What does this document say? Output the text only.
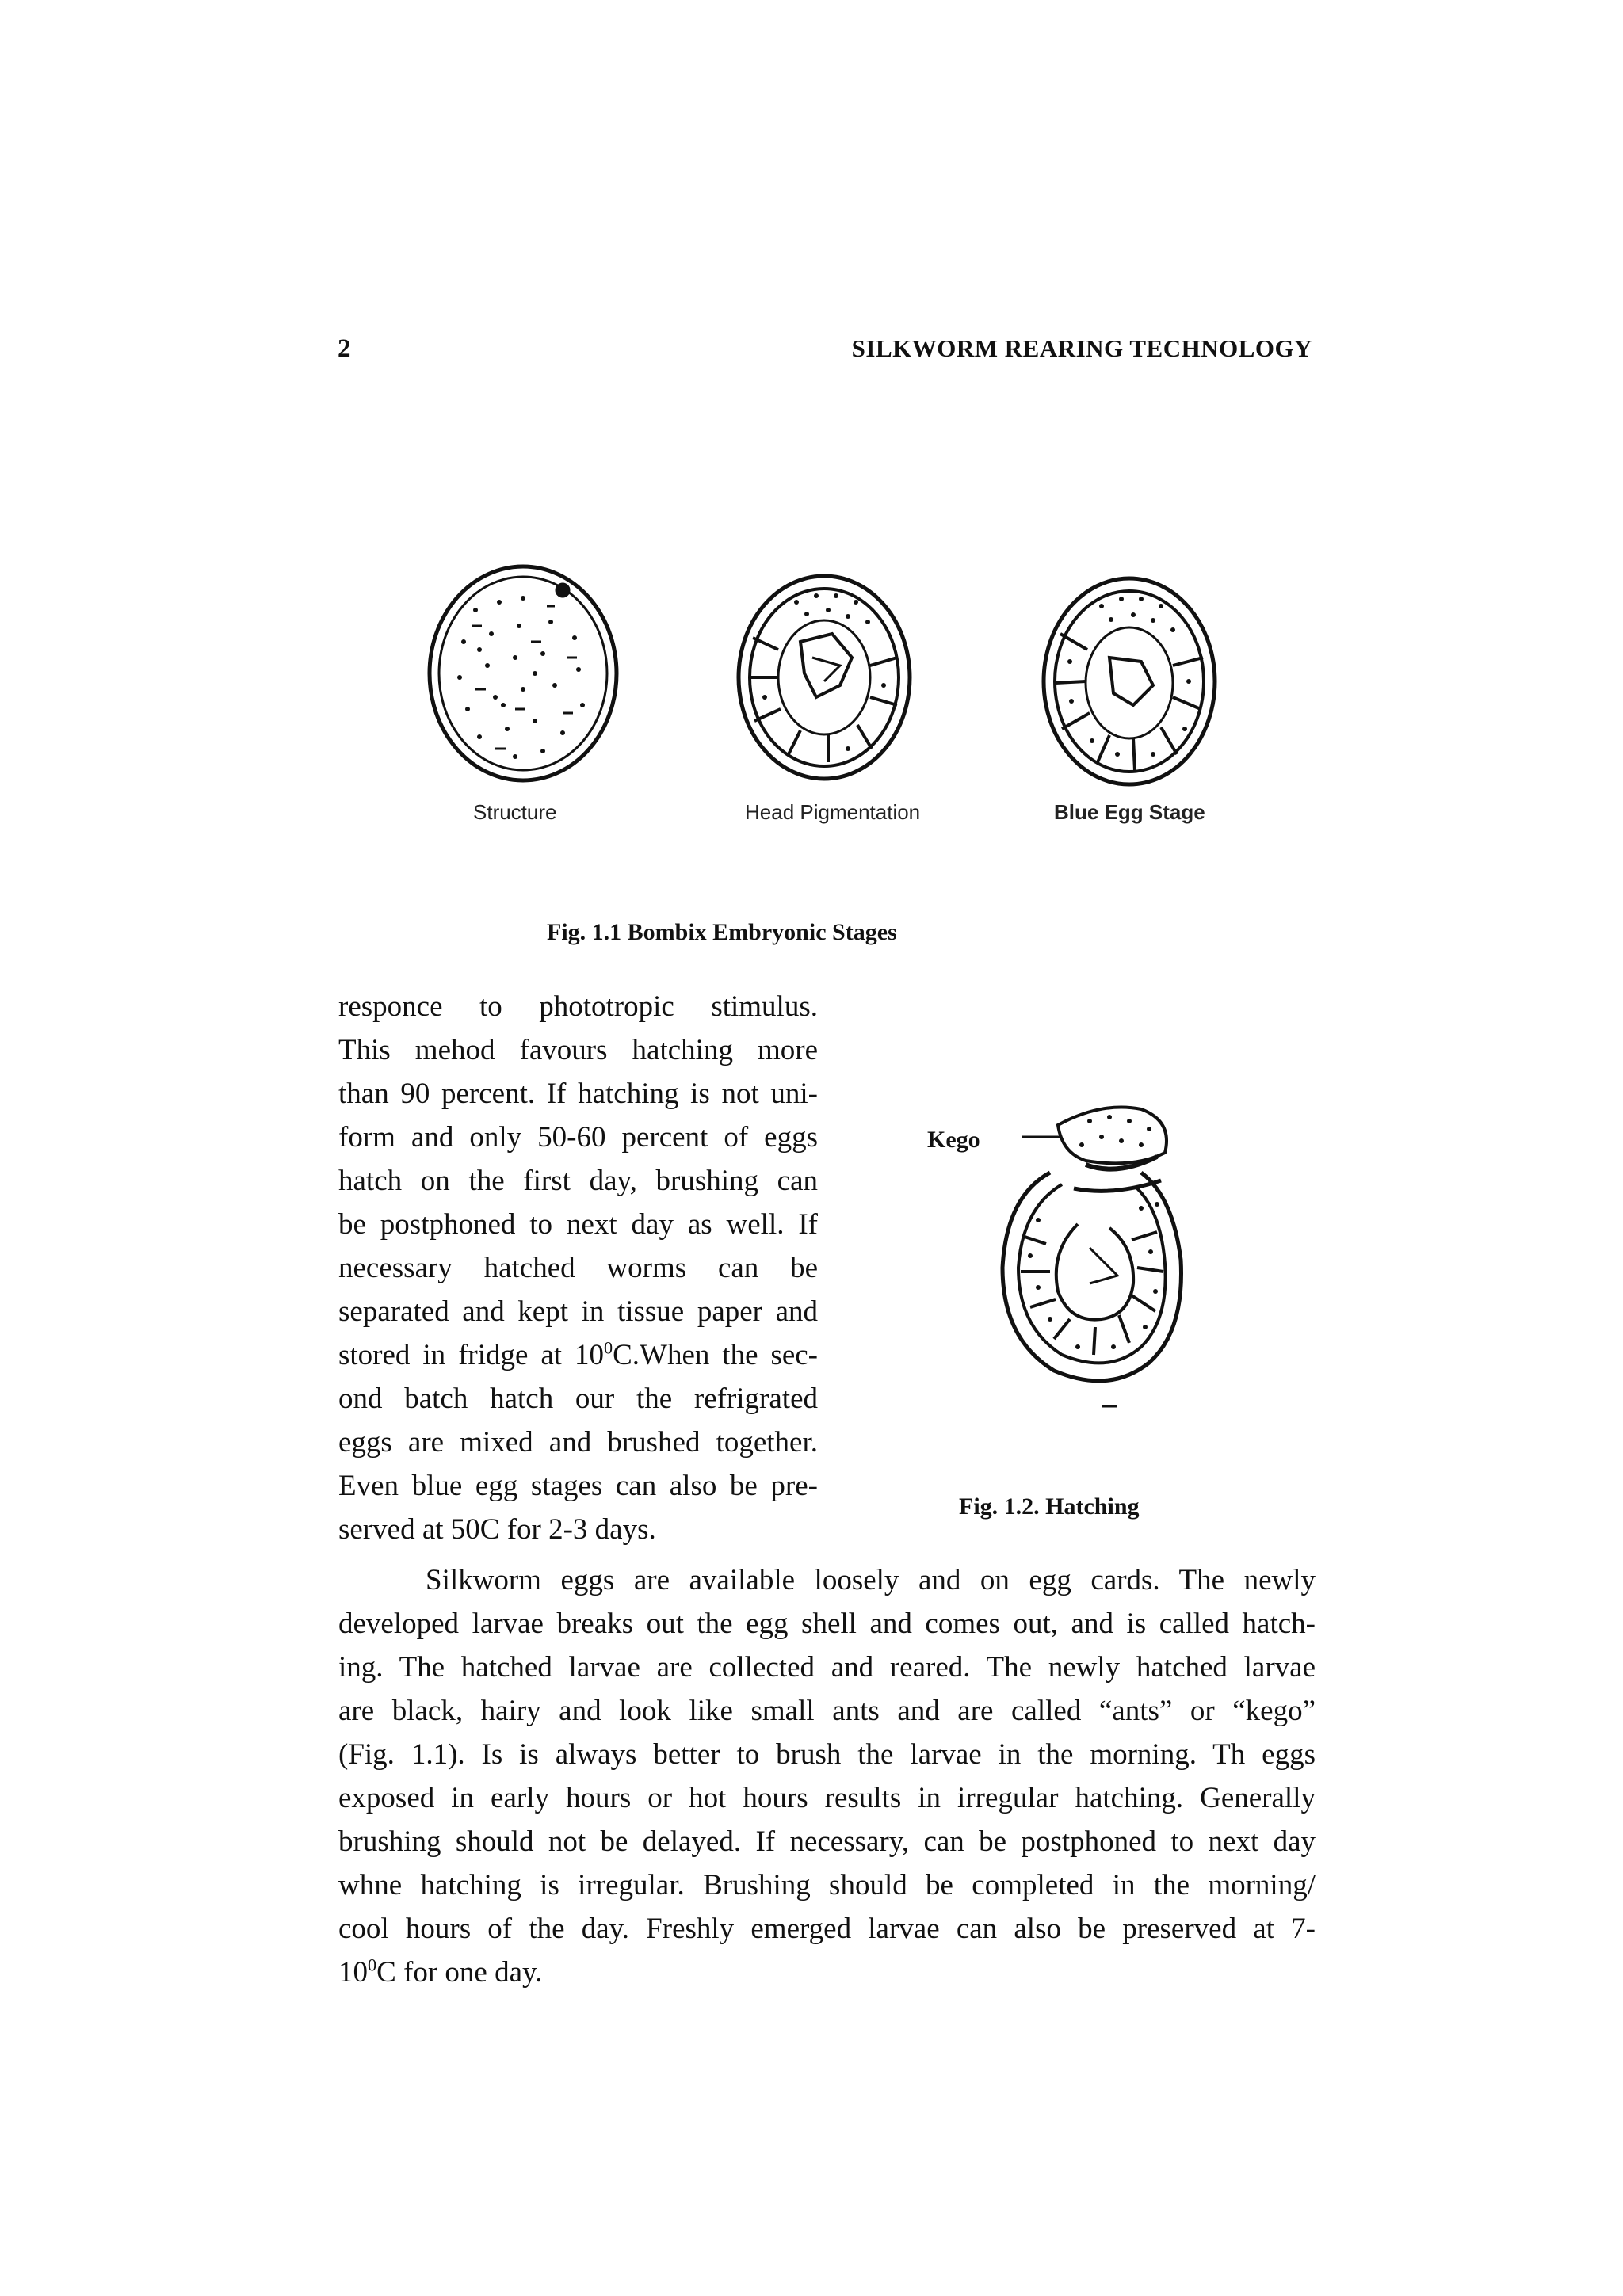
2	SILKWORM REARING TECHNOLOGY
Structure	Head Pigmentation	Blue Egg Stage
Fig. 1.1 Bombix Embryonic Stages
responce to phototropic stimulus.
This mehod favours hatching more
than 90 percent. If hatching is not uni-
form and only 50-60 percent of eggs
hatch on the first day, brushing can
be postphoned to next day as well. If
necessary hatched worms can be
separated and kept in tissue paper and
stored in fridge at $10^0C.When$ the sec-
ond batch hatch our the refrigrated
eggs are mixed and brushed together.
Even blue egg stages can also be pre-
served at 50C for 2-3 days.
Kego
Fig. 1.2. Hatching
Silkworm eggs are available loosely and on egg cards. The newly
developed larvae breaks out the egg shell and comes out, and is called hatch-
ing. The hatched larvae are collected and reared. The newly hatched larvae
are black, hairy and look like small ants and are called “ants” or “kego”
(Fig. 1.1). Is is always better to brush the larvae in the morning. Th eggs
exposed in early hours or hot hours results in irregular hatching. Generally
brushing should not be delayed. If necessary, can be postphoned to next day
whne hatching is irregular. Brushing should be completed in the morning/
cool hours of the day. Freshly emerged larvae can also be preserved at 7-
$10^0C$ for one day.
